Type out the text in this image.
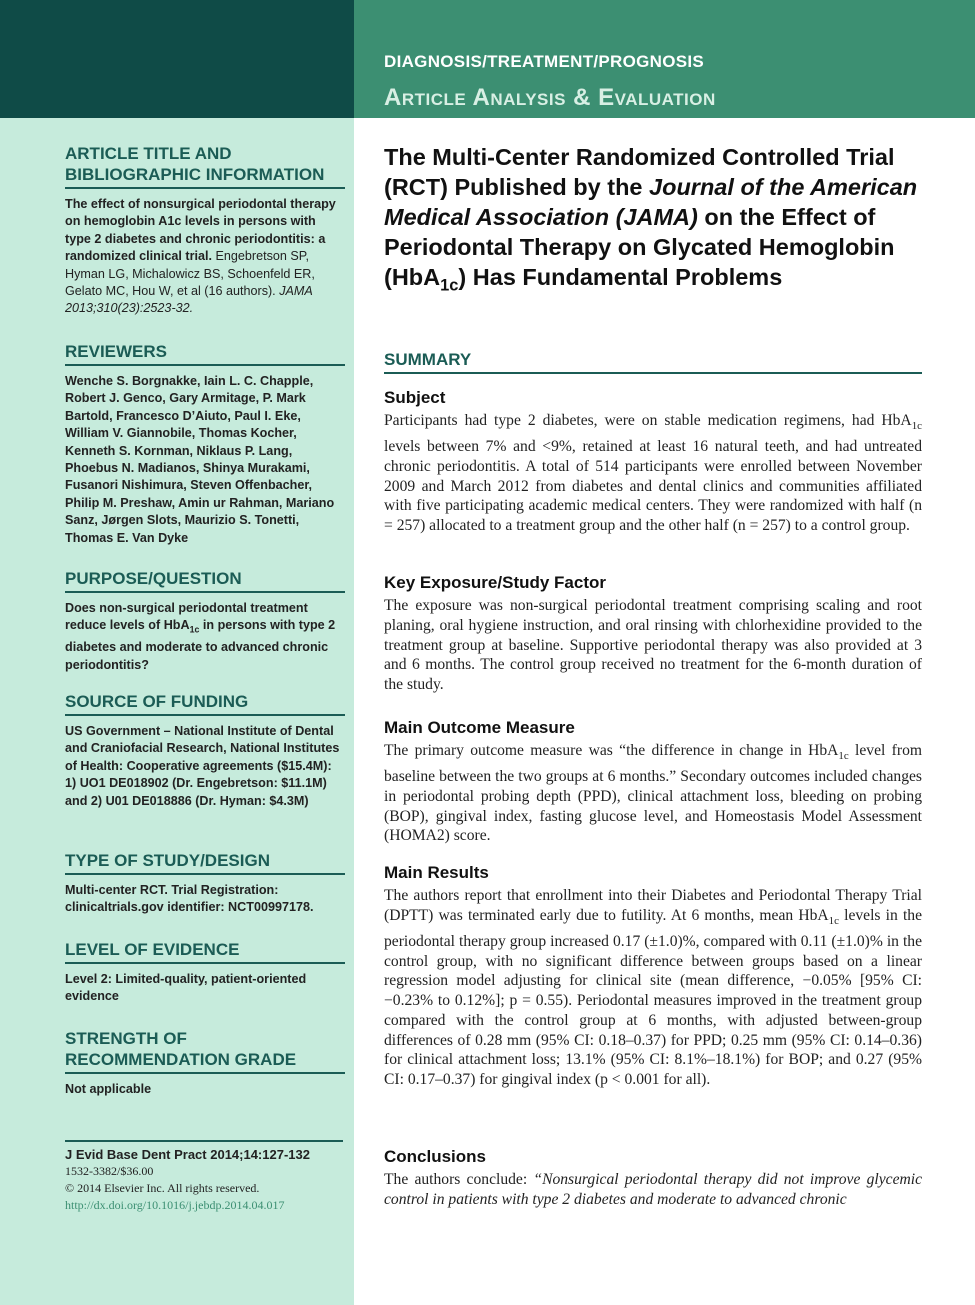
DIAGNOSIS/TREATMENT/PROGNOSIS
Article Analysis & Evaluation
ARTICLE TITLE AND BIBLIOGRAPHIC INFORMATION
The effect of nonsurgical periodontal therapy on hemoglobin A1c levels in persons with type 2 diabetes and chronic periodontitis: a randomized clinical trial. Engebretson SP, Hyman LG, Michalowicz BS, Schoenfeld ER, Gelato MC, Hou W, et al (16 authors). JAMA 2013;310(23):2523-32.
REVIEWERS
Wenche S. Borgnakke, Iain L. C. Chapple, Robert J. Genco, Gary Armitage, P. Mark Bartold, Francesco D’Aiuto, Paul I. Eke, William V. Giannobile, Thomas Kocher, Kenneth S. Kornman, Niklaus P. Lang, Phoebus N. Madianos, Shinya Murakami, Fusanori Nishimura, Steven Offenbacher, Philip M. Preshaw, Amin ur Rahman, Mariano Sanz, Jørgen Slots, Maurizio S. Tonetti, Thomas E. Van Dyke
PURPOSE/QUESTION
Does non-surgical periodontal treatment reduce levels of HbA$_{1c}$ in persons with type 2 diabetes and moderate to advanced chronic periodontitis?
SOURCE OF FUNDING
US Government – National Institute of Dental and Craniofacial Research, National Institutes of Health: Cooperative agreements ($15.4M): 1) UO1 DE018902 (Dr. Engebretson: $11.1M) and 2) U01 DE018886 (Dr. Hyman: $4.3M)
TYPE OF STUDY/DESIGN
Multi-center RCT. Trial Registration: clinicaltrials.gov identifier: NCT00997178.
LEVEL OF EVIDENCE
Level 2: Limited-quality, patient-oriented evidence
STRENGTH OF RECOMMENDATION GRADE
Not applicable
J Evid Base Dent Pract 2014;14:127-132
1532-3382/$36.00
© 2014 Elsevier Inc. All rights reserved.
http://dx.doi.org/10.1016/j.jebdp.2014.04.017
The Multi-Center Randomized Controlled Trial (RCT) Published by the Journal of the American Medical Association (JAMA) on the Effect of Periodontal Therapy on Glycated Hemoglobin (HbA$_{1c}$) Has Fundamental Problems
SUMMARY
Subject
Participants had type 2 diabetes, were on stable medication regimens, had HbA$_{1c}$ levels between 7% and <9%, retained at least 16 natural teeth, and had untreated chronic periodontitis. A total of 514 participants were enrolled between November 2009 and March 2012 from diabetes and dental clinics and communities affiliated with five participating academic medical centers. They were randomized with half (n = 257) allocated to a treatment group and the other half (n = 257) to a control group.
Key Exposure/Study Factor
The exposure was non-surgical periodontal treatment comprising scaling and root planing, oral hygiene instruction, and oral rinsing with chlorhexidine provided to the treatment group at baseline. Supportive periodontal therapy was also provided at 3 and 6 months. The control group received no treatment for the 6-month duration of the study.
Main Outcome Measure
The primary outcome measure was “the difference in change in HbA$_{1c}$ level from baseline between the two groups at 6 months.” Secondary outcomes included changes in periodontal probing depth (PPD), clinical attachment loss, bleeding on probing (BOP), gingival index, fasting glucose level, and Homeostasis Model Assessment (HOMA2) score.
Main Results
The authors report that enrollment into their Diabetes and Periodontal Therapy Trial (DPTT) was terminated early due to futility. At 6 months, mean HbA$_{1c}$ levels in the periodontal therapy group increased 0.17 (±1.0)%, compared with 0.11 (±1.0)% in the control group, with no significant difference between groups based on a linear regression model adjusting for clinical site (mean difference, −0.05% [95% CI: −0.23% to 0.12%]; p = 0.55). Periodontal measures improved in the treatment group compared with the control group at 6 months, with adjusted between-group differences of 0.28 mm (95% CI: 0.18–0.37) for PPD; 0.25 mm (95% CI: 0.14–0.36) for clinical attachment loss; 13.1% (95% CI: 8.1%–18.1%) for BOP; and 0.27 (95% CI: 0.17–0.37) for gingival index (p < 0.001 for all).
Conclusions
The authors conclude: “Nonsurgical periodontal therapy did not improve glycemic control in patients with type 2 diabetes and moderate to advanced chronic
